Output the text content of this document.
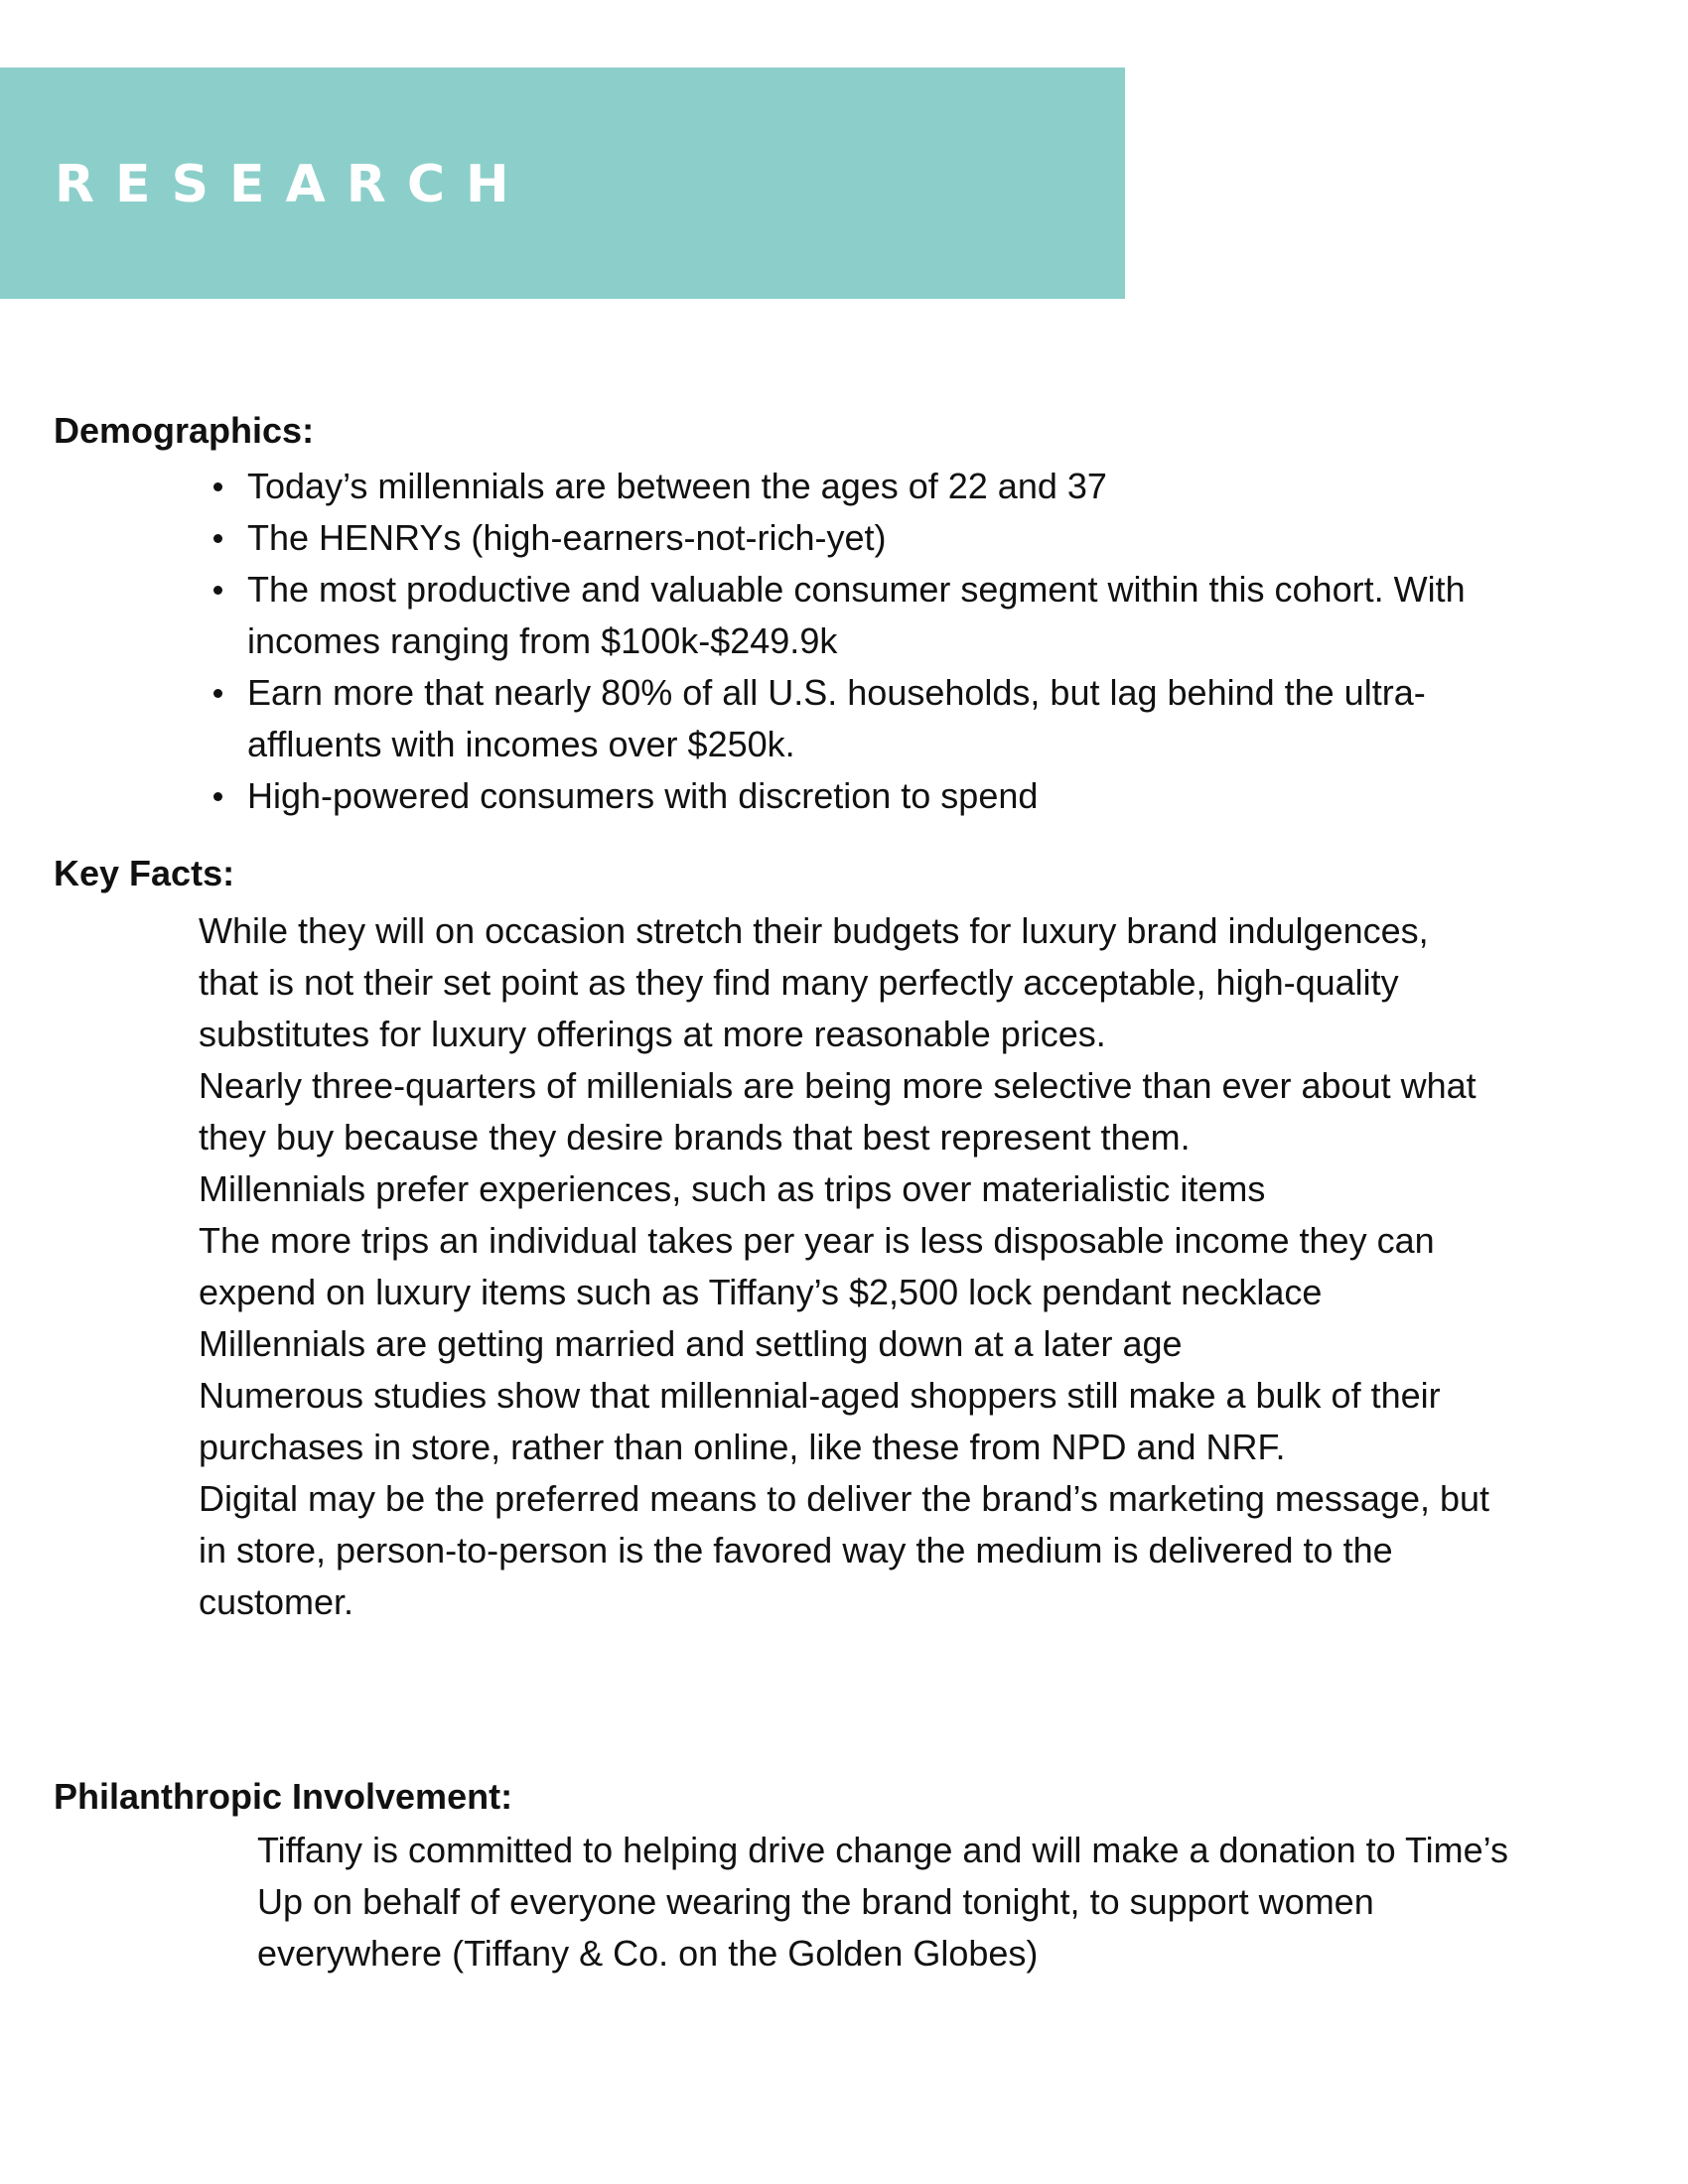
RESEARCH
Demographics:
Today’s millennials are between the ages of 22 and 37
The HENRYs (high-earners-not-rich-yet)
The most productive and valuable consumer segment within this cohort. With incomes ranging from $100k-$249.9k
Earn more that nearly 80% of all U.S. households, but lag behind the ultra-affluents with incomes over $250k.
High-powered consumers with discretion to spend
Key Facts:

While they will on occasion stretch their budgets for luxury brand indulgences, that is not their set point as they find many perfectly acceptable, high-quality substitutes for luxury offerings at more reasonable prices.

Nearly three-quarters of millenials are being more selective than ever about what they buy because they desire brands that best represent them.

Millennials prefer experiences, such as trips over materialistic items

The more trips an individual takes per year is less disposable income they can expend on luxury items such as Tiffany’s $2,500 lock pendant necklace

Millennials are getting married and settling down at a later age

Numerous studies show that millennial-aged shoppers still make a bulk of their purchases in store, rather than online, like these from NPD and NRF.

Digital may be the preferred means to deliver the brand’s marketing message, but in store, person-to-person is the favored way the medium is delivered to the customer.

Philanthropic Involvement:

Tiffany is committed to helping drive change and will make a donation to Time’s Up on behalf of everyone wearing the brand tonight, to support women everywhere (Tiffany & Co. on the Golden Globes)
